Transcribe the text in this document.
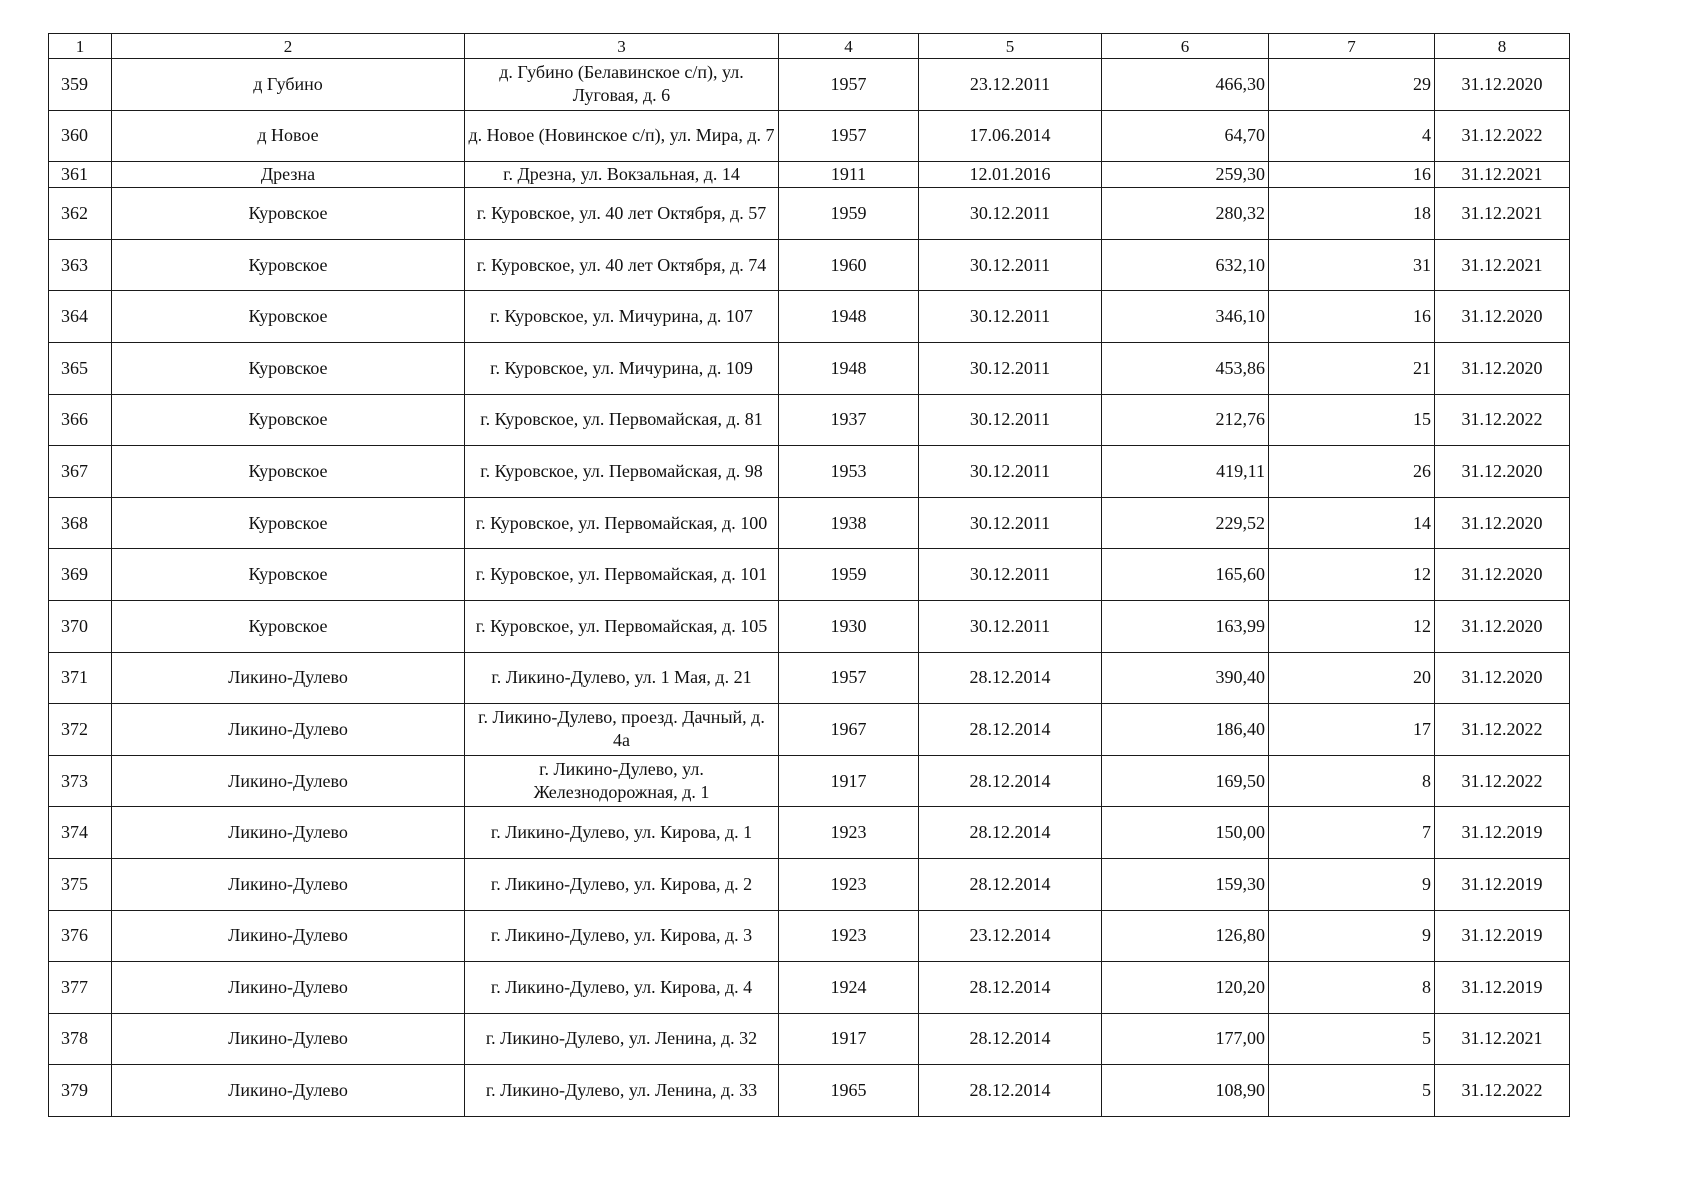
1	2	3	4	5	6	7	8
359	д Губино	д. Губино (Белавинское с/п), ул. Луговая, д. 6	1957	23.12.2011	466,30	29	31.12.2020
360	д Новое	д. Новое (Новинское с/п), ул. Мира, д. 7	1957	17.06.2014	64,70	4	31.12.2022
361	Дрезна	г. Дрезна, ул. Вокзальная, д. 14	1911	12.01.2016	259,30	16	31.12.2021
362	Куровское	г. Куровское, ул. 40 лет Октября, д. 57	1959	30.12.2011	280,32	18	31.12.2021
363	Куровское	г. Куровское, ул. 40 лет Октября, д. 74	1960	30.12.2011	632,10	31	31.12.2021
364	Куровское	г. Куровское, ул. Мичурина, д. 107	1948	30.12.2011	346,10	16	31.12.2020
365	Куровское	г. Куровское, ул. Мичурина, д. 109	1948	30.12.2011	453,86	21	31.12.2020
366	Куровское	г. Куровское, ул. Первомайская, д. 81	1937	30.12.2011	212,76	15	31.12.2022
367	Куровское	г. Куровское, ул. Первомайская, д. 98	1953	30.12.2011	419,11	26	31.12.2020
368	Куровское	г. Куровское, ул. Первомайская, д. 100	1938	30.12.2011	229,52	14	31.12.2020
369	Куровское	г. Куровское, ул. Первомайская, д. 101	1959	30.12.2011	165,60	12	31.12.2020
370	Куровское	г. Куровское, ул. Первомайская, д. 105	1930	30.12.2011	163,99	12	31.12.2020
371	Ликино-Дулево	г. Ликино-Дулево, ул. 1 Мая, д. 21	1957	28.12.2014	390,40	20	31.12.2020
372	Ликино-Дулево	г. Ликино-Дулево, проезд. Дачный, д. 4а	1967	28.12.2014	186,40	17	31.12.2022
373	Ликино-Дулево	г. Ликино-Дулево, ул. Железнодорожная, д. 1	1917	28.12.2014	169,50	8	31.12.2022
374	Ликино-Дулево	г. Ликино-Дулево, ул. Кирова, д. 1	1923	28.12.2014	150,00	7	31.12.2019
375	Ликино-Дулево	г. Ликино-Дулево, ул. Кирова, д. 2	1923	28.12.2014	159,30	9	31.12.2019
376	Ликино-Дулево	г. Ликино-Дулево, ул. Кирова, д. 3	1923	23.12.2014	126,80	9	31.12.2019
377	Ликино-Дулево	г. Ликино-Дулево, ул. Кирова, д. 4	1924	28.12.2014	120,20	8	31.12.2019
378	Ликино-Дулево	г. Ликино-Дулево, ул. Ленина, д. 32	1917	28.12.2014	177,00	5	31.12.2021
379	Ликино-Дулево	г. Ликино-Дулево, ул. Ленина, д. 33	1965	28.12.2014	108,90	5	31.12.2022
